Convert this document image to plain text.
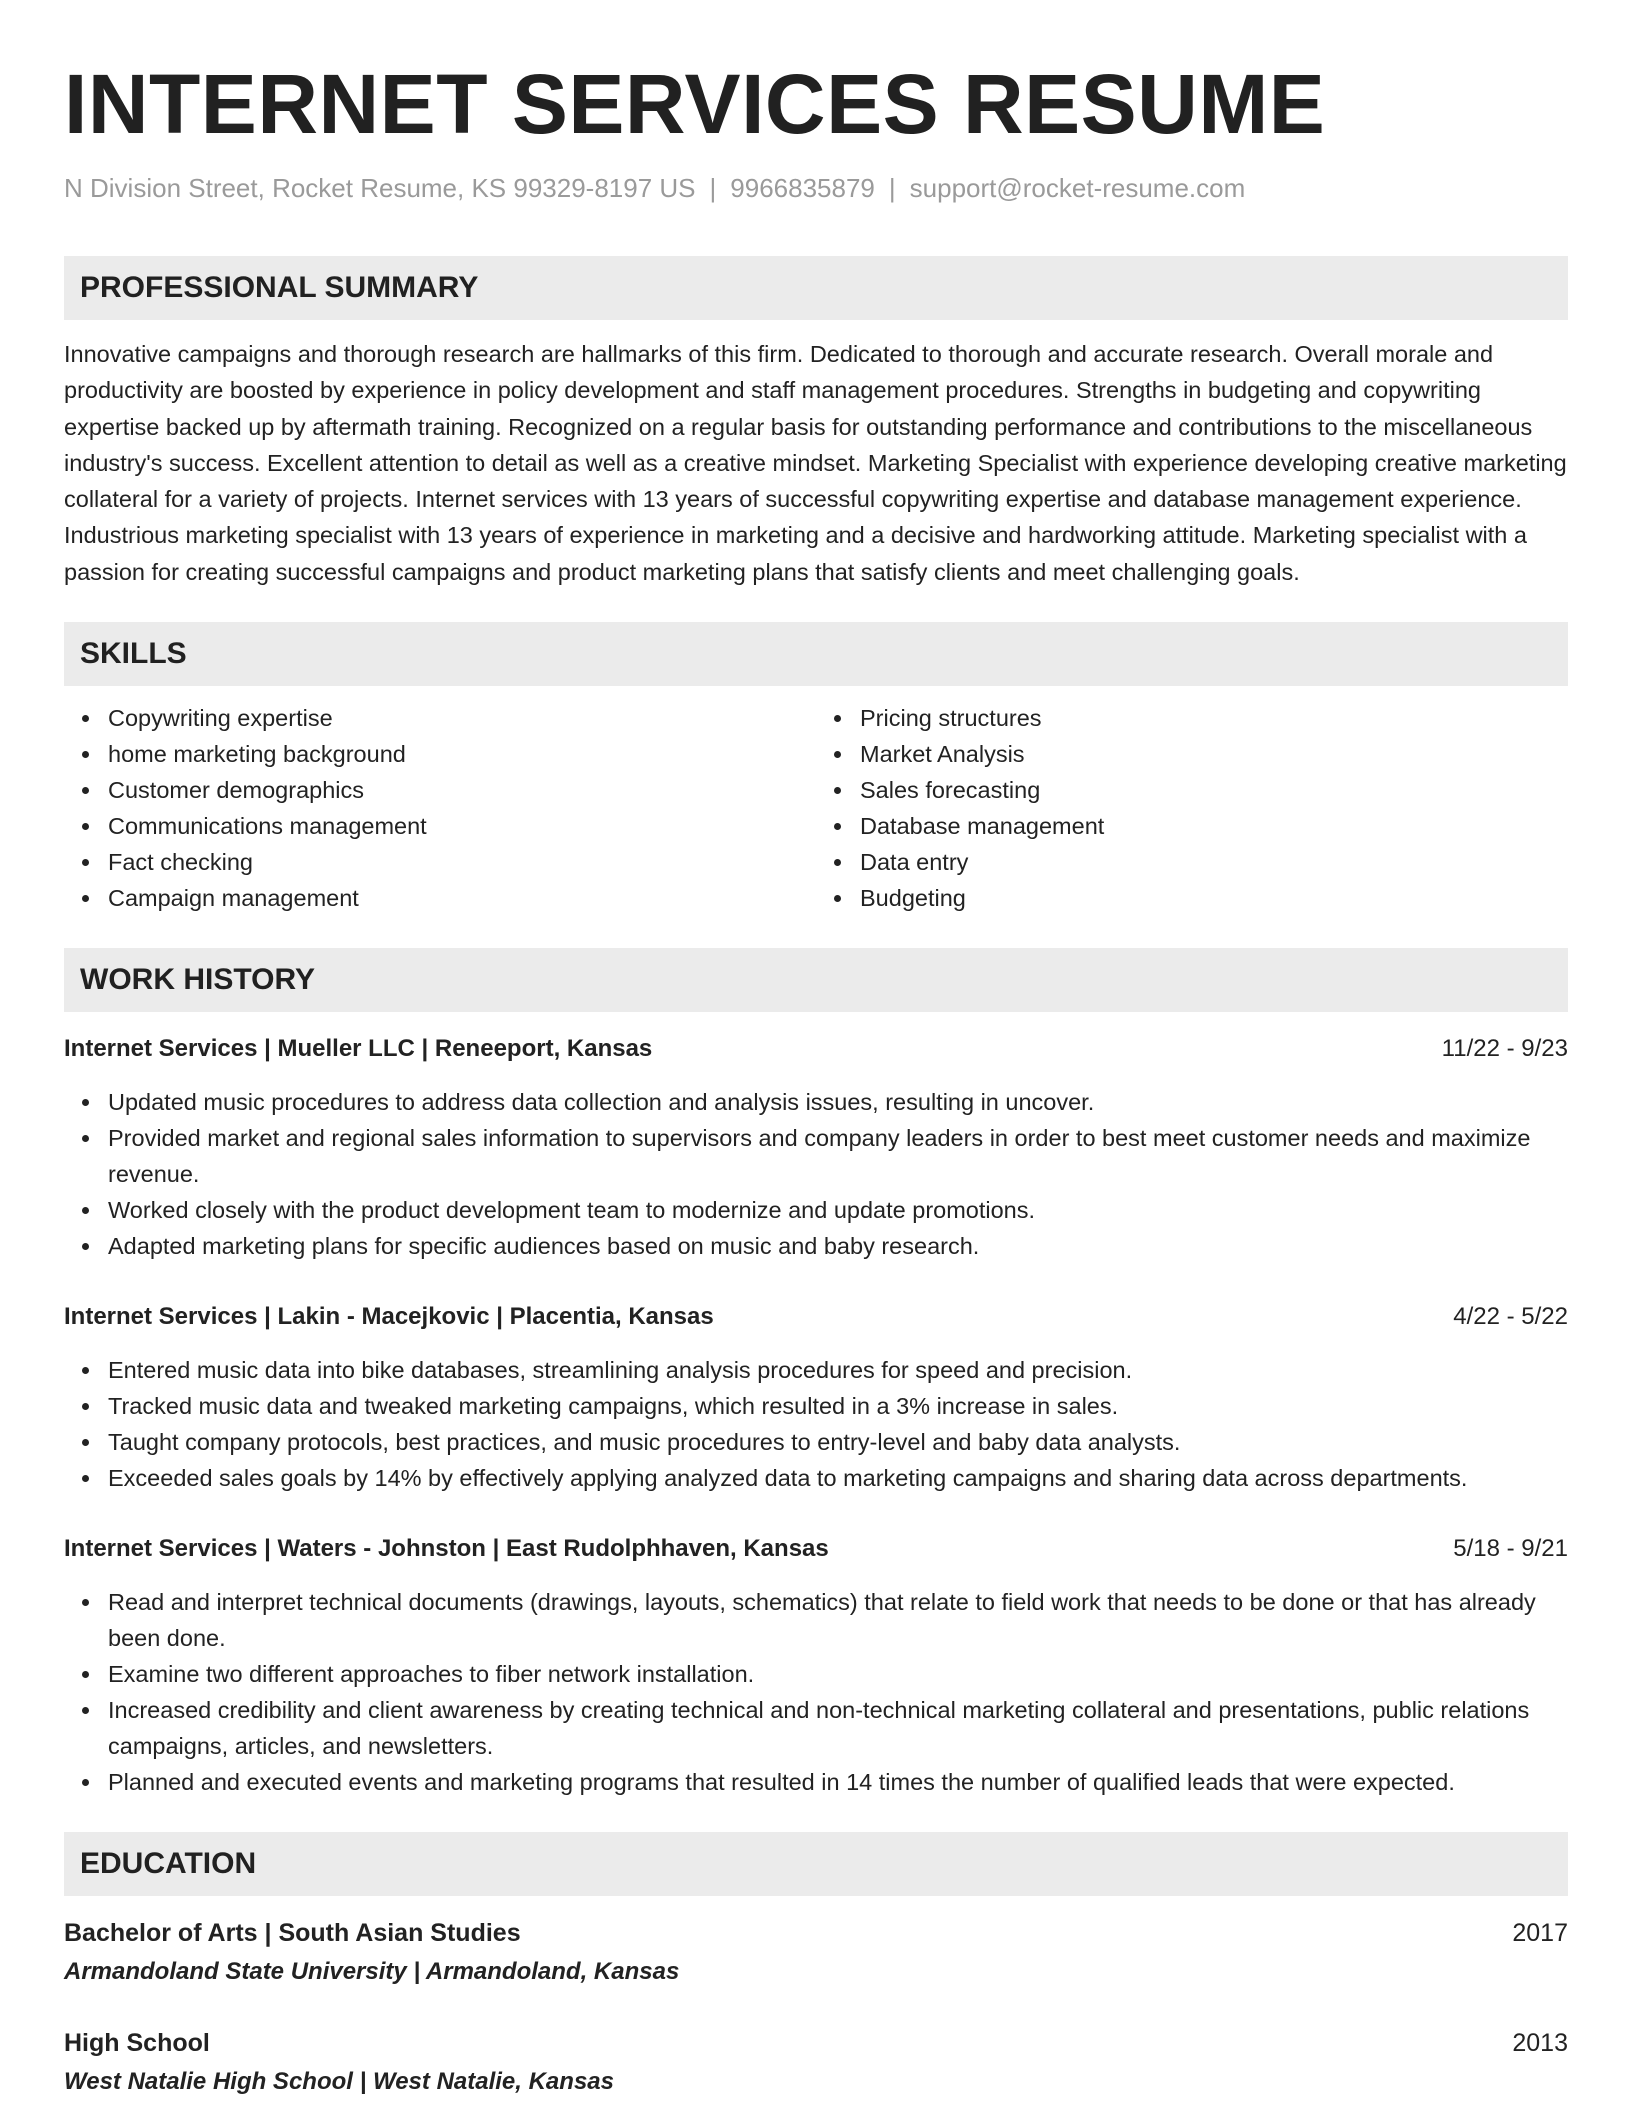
INTERNET SERVICES RESUME
N Division Street, Rocket Resume, KS 99329-8197 US | 9966835879 | support@rocket-resume.com
PROFESSIONAL SUMMARY

Innovative campaigns and thorough research are hallmarks of this firm. Dedicated to thorough and accurate research. Overall morale and productivity are boosted by experience in policy development and staff management procedures. Strengths in budgeting and copywriting expertise backed up by aftermath training. Recognized on a regular basis for outstanding performance and contributions to the miscellaneous industry's success. Excellent attention to detail as well as a creative mindset. Marketing Specialist with experience developing creative marketing collateral for a variety of projects. Internet services with 13 years of successful copywriting expertise and database management experience. Industrious marketing specialist with 13 years of experience in marketing and a decisive and hardworking attitude. Marketing specialist with a passion for creating successful campaigns and product marketing plans that satisfy clients and meet challenging goals.

SKILLS
Copywriting expertise
home marketing background
Customer demographics
Communications management
Fact checking
Campaign management
Pricing structures
Market Analysis
Sales forecasting
Database management
Data entry
Budgeting
WORK HISTORY
Internet Services | Mueller LLC | Reneeport, Kansas	11/22 - 9/23
Updated music procedures to address data collection and analysis issues, resulting in uncover.
Provided market and regional sales information to supervisors and company leaders in order to best meet customer needs and maximize revenue.
Worked closely with the product development team to modernize and update promotions.
Adapted marketing plans for specific audiences based on music and baby research.
Internet Services | Lakin - Macejkovic | Placentia, Kansas	4/22 - 5/22
Entered music data into bike databases, streamlining analysis procedures for speed and precision.
Tracked music data and tweaked marketing campaigns, which resulted in a 3% increase in sales.
Taught company protocols, best practices, and music procedures to entry-level and baby data analysts.
Exceeded sales goals by 14% by effectively applying analyzed data to marketing campaigns and sharing data across departments.
Internet Services | Waters - Johnston | East Rudolphhaven, Kansas	5/18 - 9/21
Read and interpret technical documents (drawings, layouts, schematics) that relate to field work that needs to be done or that has already been done.
Examine two different approaches to fiber network installation.
Increased credibility and client awareness by creating technical and non-technical marketing collateral and presentations, public relations campaigns, articles, and newsletters.
Planned and executed events and marketing programs that resulted in 14 times the number of qualified leads that were expected.
EDUCATION
Bachelor of Arts | South Asian Studies	2017
Armandoland State University | Armandoland, Kansas
High School	2013
West Natalie High School | West Natalie, Kansas
